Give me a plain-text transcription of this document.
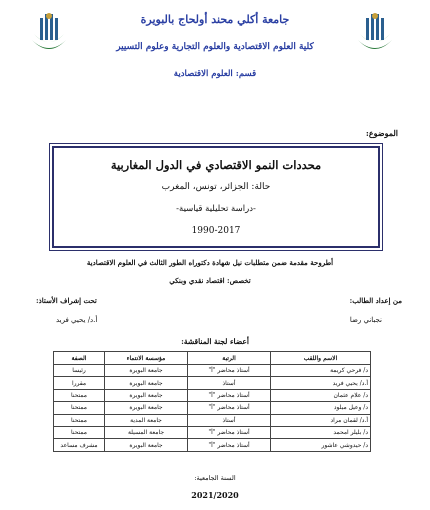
جامعة أكلي محند أولحاج بالبويرة
كلية العلوم الاقتصادية والعلوم التجارية وعلوم التسيير
قسم: العلوم الاقتصادية
الموضوع:
محددات النمو الاقتصادي في الدول المغاربية
حالة: الجزائر، تونس، المغرب
-دراسة تحليلية قياسية-
1990-2017
أطروحة مقدمة ضمن متطلبات نيل شهادة دكتوراه الطور الثالث في العلوم الاقتصادية
تخصص: اقتصاد نقدي وبنكي
من إعداد الطالب:
تحت إشراف الأستاذ:
نجباني رضا
أ.د/ يحيي فريد
أعضاء لجنة المناقشة:
الاسم واللقب	الرتبة	مؤسسة الانتماء	الصفة
د/ فرحي كريمة	أستاذ محاضر "أ"	جامعة البويرة	رئيسا
أ.د/ يحيي فريد	أستاذ	جامعة البويرة	مقررا
د/ علام عثمان	أستاذ محاضر "أ"	جامعة البويرة	ممتحنا
د/ وعيل ميلود	أستاذ محاضر "أ"	جامعة البويرة	ممتحنا
أ.د/ لقمان مراد	أستاذ	جامعة المدية	ممتحنا
د/ بليلر امحمد	أستاذ محاضر "أ"	جامعة المسيلة	ممتحنا
د/ حيدوشي عاشور	أستاذ محاضر "أ"	جامعة البويرة	مشرف مساعد
السنة الجامعية:
2021/2020
